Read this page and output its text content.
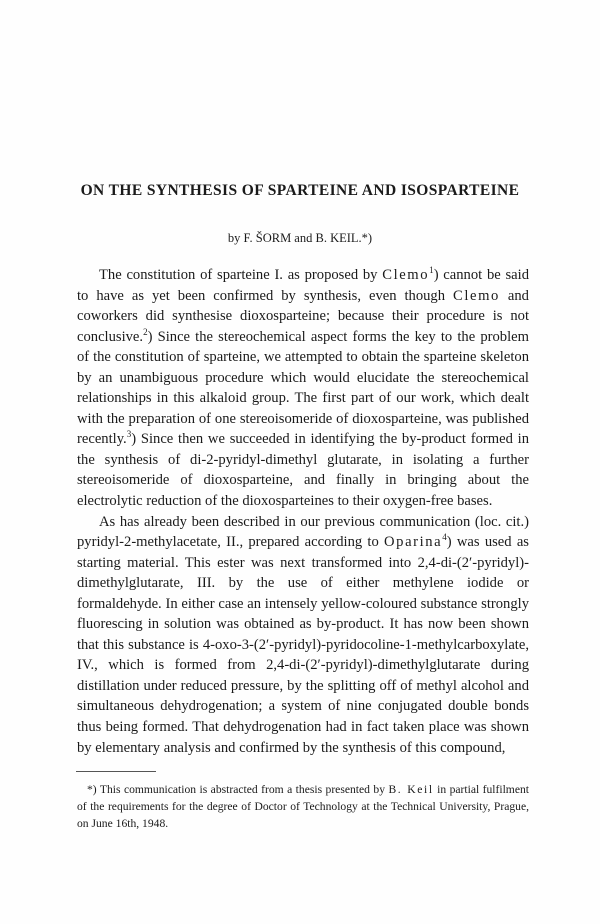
ON THE SYNTHESIS OF SPARTEINE AND ISOSPARTEINE
by F. ŠORM and B. KEIL.*)

The constitution of sparteine I. as proposed by Clemo$^1$) cannot be said to have as yet been confirmed by synthesis, even though Clemo and coworkers did synthesise dioxosparteine; because their procedure is not conclusive.$^2$) Since the stereochemical aspect forms the key to the problem of the constitution of sparteine, we attempted to obtain the sparteine skeleton by an unambiguous procedure which would elucidate the stereochemical relationships in this alkaloid group. The first part of our work, which dealt with the preparation of one stereoisomeride of dioxosparteine, was published recently.$^3$) Since then we succeeded in identifying the by-product formed in the synthesis of di-2-pyridyl-dimethyl glutarate, in isolating a further stereoisomeride of dioxosparteine, and finally in bringing about the electrolytic reduction of the dioxosparteines to their oxygen-free bases.

As has already been described in our previous communication (loc. cit.) pyridyl-2-methylacetate, II., prepared according to Oparina$^4$) was used as starting material. This ester was next transformed into 2,4-di-(2′-pyridyl)-dimethylglutarate, III. by the use of either methylene iodide or formaldehyde. In either case an intensely yellow-coloured substance strongly fluorescing in solution was obtained as by-product. It has now been shown that this substance is 4-oxo-3-(2′-pyridyl)-pyridocoline-1-methylcarboxylate, IV., which is formed from 2,4-di-(2′-pyridyl)-dimethylglutarate during distillation under reduced pressure, by the splitting off of methyl alcohol and simultaneous dehydrogenation; a system of nine conjugated double bonds thus being formed. That dehydrogenation had in fact taken place was shown by elementary analysis and confirmed by the synthesis of this compound,

*) This communication is abstracted from a thesis presented by B. Keil in partial fulfilment of the requirements for the degree of Doctor of Technology at the Technical University, Prague, on June 16th, 1948.
